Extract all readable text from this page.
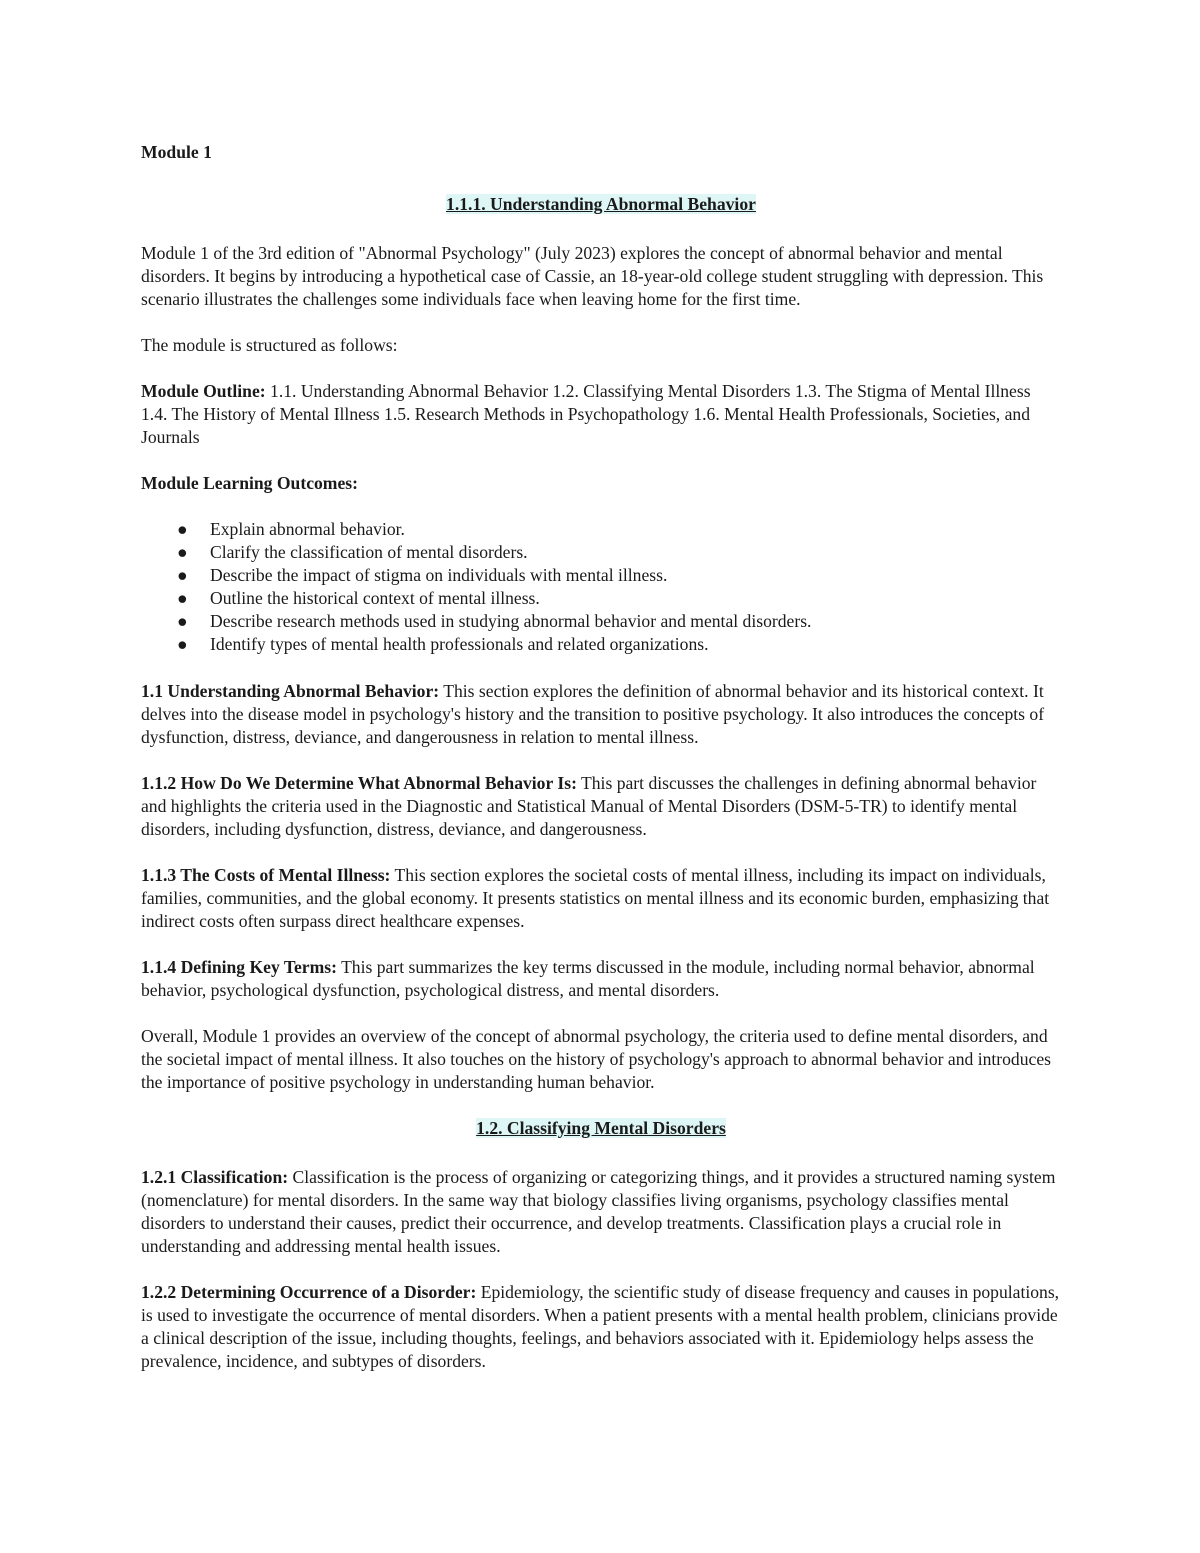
Module 1

1.1.1. Understanding Abnormal Behavior

Module 1 of the 3rd edition of "Abnormal Psychology" (July 2023) explores the concept of abnormal behavior and mental disorders. It begins by introducing a hypothetical case of Cassie, an 18-year-old college student struggling with depression. This scenario illustrates the challenges some individuals face when leaving home for the first time.

The module is structured as follows:

Module Outline: 1.1. Understanding Abnormal Behavior 1.2. Classifying Mental Disorders 1.3. The Stigma of Mental Illness 1.4. The History of Mental Illness 1.5. Research Methods in Psychopathology 1.6. Mental Health Professionals, Societies, and Journals

Module Learning Outcomes:

● Explain abnormal behavior.
● Clarify the classification of mental disorders.
● Describe the impact of stigma on individuals with mental illness.
● Outline the historical context of mental illness.
● Describe research methods used in studying abnormal behavior and mental disorders.
● Identify types of mental health professionals and related organizations.

1.1 Understanding Abnormal Behavior: This section explores the definition of abnormal behavior and its historical context. It delves into the disease model in psychology's history and the transition to positive psychology. It also introduces the concepts of dysfunction, distress, deviance, and dangerousness in relation to mental illness.

1.1.2 How Do We Determine What Abnormal Behavior Is: This part discusses the challenges in defining abnormal behavior and highlights the criteria used in the Diagnostic and Statistical Manual of Mental Disorders (DSM-5-TR) to identify mental disorders, including dysfunction, distress, deviance, and dangerousness.

1.1.3 The Costs of Mental Illness: This section explores the societal costs of mental illness, including its impact on individuals, families, communities, and the global economy. It presents statistics on mental illness and its economic burden, emphasizing that indirect costs often surpass direct healthcare expenses.

1.1.4 Defining Key Terms: This part summarizes the key terms discussed in the module, including normal behavior, abnormal behavior, psychological dysfunction, psychological distress, and mental disorders.

Overall, Module 1 provides an overview of the concept of abnormal psychology, the criteria used to define mental disorders, and the societal impact of mental illness. It also touches on the history of psychology's approach to abnormal behavior and introduces the importance of positive psychology in understanding human behavior.

1.2. Classifying Mental Disorders

1.2.1 Classification: Classification is the process of organizing or categorizing things, and it provides a structured naming system (nomenclature) for mental disorders. In the same way that biology classifies living organisms, psychology classifies mental disorders to understand their causes, predict their occurrence, and develop treatments. Classification plays a crucial role in understanding and addressing mental health issues.

1.2.2 Determining Occurrence of a Disorder: Epidemiology, the scientific study of disease frequency and causes in populations, is used to investigate the occurrence of mental disorders. When a patient presents with a mental health problem, clinicians provide a clinical description of the issue, including thoughts, feelings, and behaviors associated with it. Epidemiology helps assess the prevalence, incidence, and subtypes of disorders.
